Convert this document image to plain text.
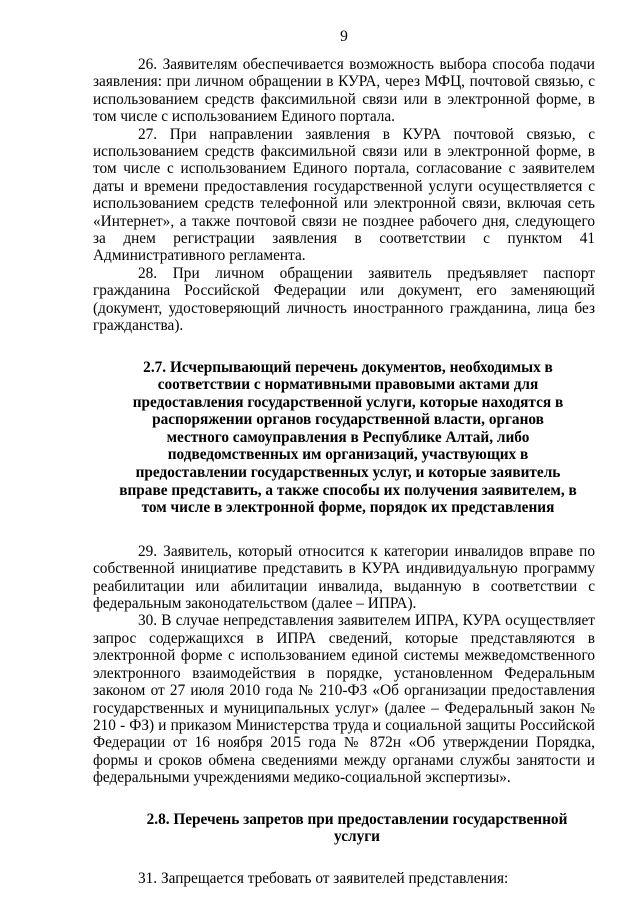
9

26. Заявителям обеспечивается возможность выбора способа подачи заявления: при личном обращении в КУРА, через МФЦ, почтовой связью, с использованием средств факсимильной связи или в электронной форме, в том числе с использованием Единого портала.

27. При направлении заявления в КУРА почтовой связью, с использованием средств факсимильной связи или в электронной форме, в том числе с использованием Единого портала, согласование с заявителем даты и времени предоставления государственной услуги осуществляется с использованием средств телефонной или электронной связи, включая сеть «Интернет», а также почтовой связи не позднее рабочего дня, следующего за днем регистрации заявления в соответствии с пунктом 41 Административного регламента.

28. При личном обращении заявитель предъявляет паспорт гражданина Российской Федерации или документ, его заменяющий (документ, удостоверяющий личность иностранного гражданина, лица без гражданства).

2.7. Исчерпывающий перечень документов, необходимых в соответствии с нормативными правовыми актами для предоставления государственной услуги, которые находятся в распоряжении органов государственной власти, органов местного самоуправления в Республике Алтай, либо подведомственных им организаций, участвующих в предоставлении государственных услуг, и которые заявитель вправе представить, а также способы их получения заявителем, в том числе в электронной форме, порядок их представления

29. Заявитель, который относится к категории инвалидов вправе по собственной инициативе представить в КУРА индивидуальную программу реабилитации или абилитации инвалида, выданную в соответствии с федеральным законодательством (далее – ИПРА).

30. В случае непредставления заявителем ИПРА, КУРА осуществляет запрос содержащихся в ИПРА сведений, которые представляются в электронной форме с использованием единой системы межведомственного электронного взаимодействия в порядке, установленном Федеральным законом от 27 июля 2010 года № 210-ФЗ «Об организации предоставления государственных и муниципальных услуг» (далее – Федеральный закон № 210 - ФЗ) и приказом Министерства труда и социальной защиты Российской Федерации от 16 ноября 2015 года № 872н «Об утверждении Порядка, формы и сроков обмена сведениями между органами службы занятости и федеральными учреждениями медико-социальной экспертизы».

2.8. Перечень запретов при предоставлении государственной услуги

31. Запрещается требовать от заявителей представления:
